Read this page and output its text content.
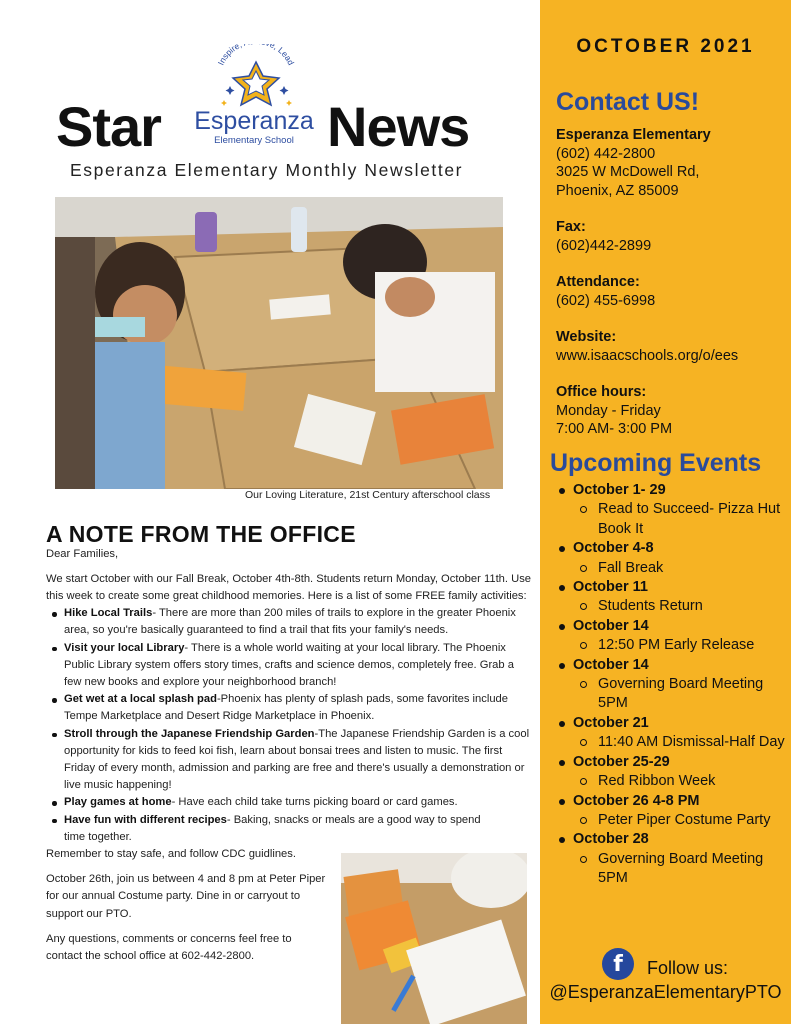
Star
Inspire, e, Lead
Esperanza
Elementary School News
Esperanza Elementary Monthly Newsletter
Our Loving Literature, 21st Century afterschool class
A NOTE FROM THE OFFICE

Dear Families,

We start October with our Fall Break, October 4th-8th. Students return Monday, October 11th. Use this week to create some great childhood memories. Here is a list of some FREE family activities:

Hike Local Trails- There are more than 200 miles of trails to explore in the greater Phoenix area, so you're basically guaranteed to find a trail that fits your family's needs.
Visit your local Library- There is a whole world waiting at your local library. The Phoenix Public Library system offers story times, crafts and science demos, completely free. Grab a few new books and explore your neighborhood branch!
Get wet at a local splash pad-Phoenix has plenty of splash pads, some favorites include Tempe Marketplace and Desert Ridge Marketplace in Phoenix.
Stroll through the Japanese Friendship Garden-The Japanese Friendship Garden is a cool opportunity for kids to feed koi fish, learn about bonsai trees and listen to music. The first Friday of every month, admission and parking are free and there's usually a demonstration or live music happening!
Play games at home- Have each child take turns picking board or card games.
Have fun with different recipes- Baking, snacks or meals are a good way to spend time together.

Remember to stay safe, and follow CDC guidlines.

October 26th, join us between 4 and 8 pm at Peter Piper for our annual Costume party. Dine in or carryout to support our PTO.

Any questions, comments or concerns feel free to contact the school office at 602-442-2800.

OCTOBER 2021
Contact US!
Esperanza Elementary
(602) 442-2800
3025 W McDowell Rd,
Phoenix, AZ 85009
Fax:
(602)442-2899
Attendance:
(602) 455-6998
Website:
www.isaacschools.org/o/ees
Office hours:
Monday - Friday
7:00 AM- 3:00 PM
Upcoming Events
October 1- 29
Read to Succeed- Pizza Hut Book It
October 4-8
Fall Break
October 11
Students Return
October 14
12:50 PM Early Release
October 14
Governing Board Meeting 5PM
October 21
11:40 AM Dismissal-Half Day
October 25-29
Red Ribbon Week
October 26 4-8 PM
Peter Piper Costume Party
October 28
Governing Board Meeting 5PM
f	Follow us:
@EsperanzaElementaryPTO
